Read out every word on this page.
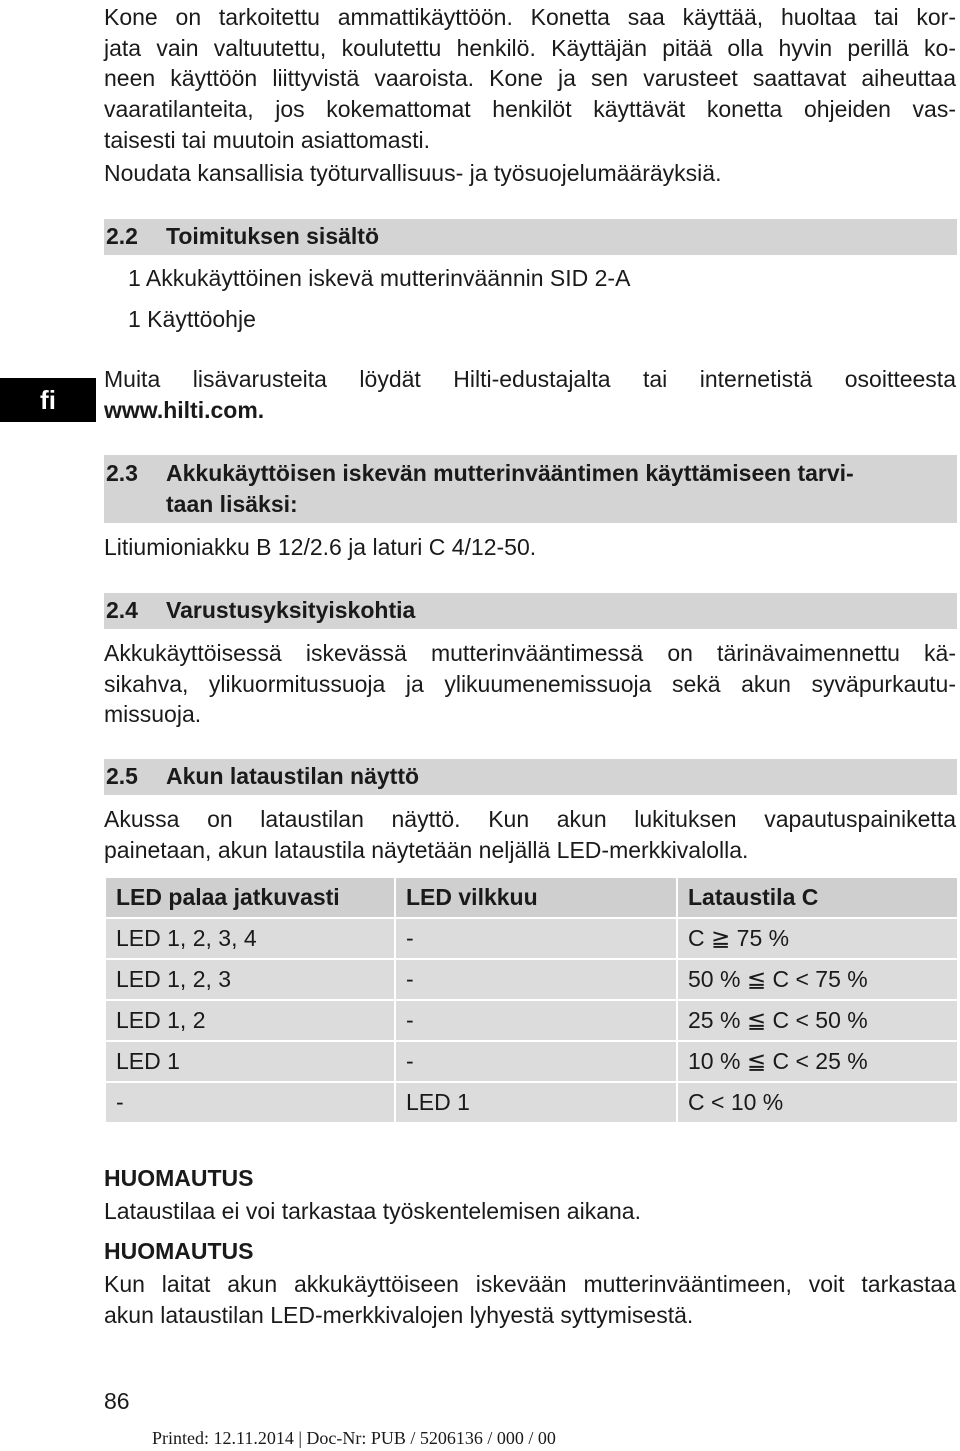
Kone on tarkoitettu ammattikäyttöön. Konetta saa käyttää, huoltaa tai kor-
jata vain valtuutettu, koulutettu henkilö. Käyttäjän pitää olla hyvin perillä ko-
neen käyttöön liittyvistä vaaroista. Kone ja sen varusteet saattavat aiheuttaa
vaaratilanteita, jos kokemattomat henkilöt käyttävät konetta ohjeiden vas-
taisesti tai muutoin asiattomasti.
Noudata kansallisia työturvallisuus- ja työsuojelumääräyksiä.
2.2 Toimituksen sisältö
1 Akkukäyttöinen iskevä mutterinväännin SID 2-A
1 Käyttöohje
fi
Muita lisävarusteita löydät Hilti-edustajalta tai internetistä osoitteesta
www.hilti.com.
2.3 Akkukäyttöisen iskevän mutterinvääntimen käyttämiseen tarvi-
taan lisäksi:
Litiumioniakku B 12/2.6 ja laturi C 4/12-50.
2.4 Varustusyksityiskohtia
Akkukäyttöisessä iskevässä mutterinvääntimessä on tärinävaimennettu kä-
sikahva, ylikuormitussuoja ja ylikuumenemissuoja sekä akun syväpurkautu-
missuoja.
2.5 Akun lataustilan näyttö
Akussa on lataustilan näyttö. Kun akun lukituksen vapautuspainiketta
painetaan, akun lataustila näytetään neljällä LED-merkkivalolla.
LED palaa jatkuvasti	LED vilkkuu	Lataustila C
LED 1, 2, 3, 4	-	C ≧ 75 %
LED 1, 2, 3	-	50 % ≦ C < 75 %
LED 1, 2	-	25 % ≦ C < 50 %
LED 1	-	10 % ≦ C < 25 %
-	LED 1	C < 10 %
HUOMAUTUS
Lataustilaa ei voi tarkastaa työskentelemisen aikana.
HUOMAUTUS
Kun laitat akun akkukäyttöiseen iskevään mutterinvääntimeen, voit tarkastaa
akun lataustilan LED-merkkivalojen lyhyestä syttymisestä.
86
Printed: 12.11.2014 | Doc-Nr: PUB / 5206136 / 000 / 00
